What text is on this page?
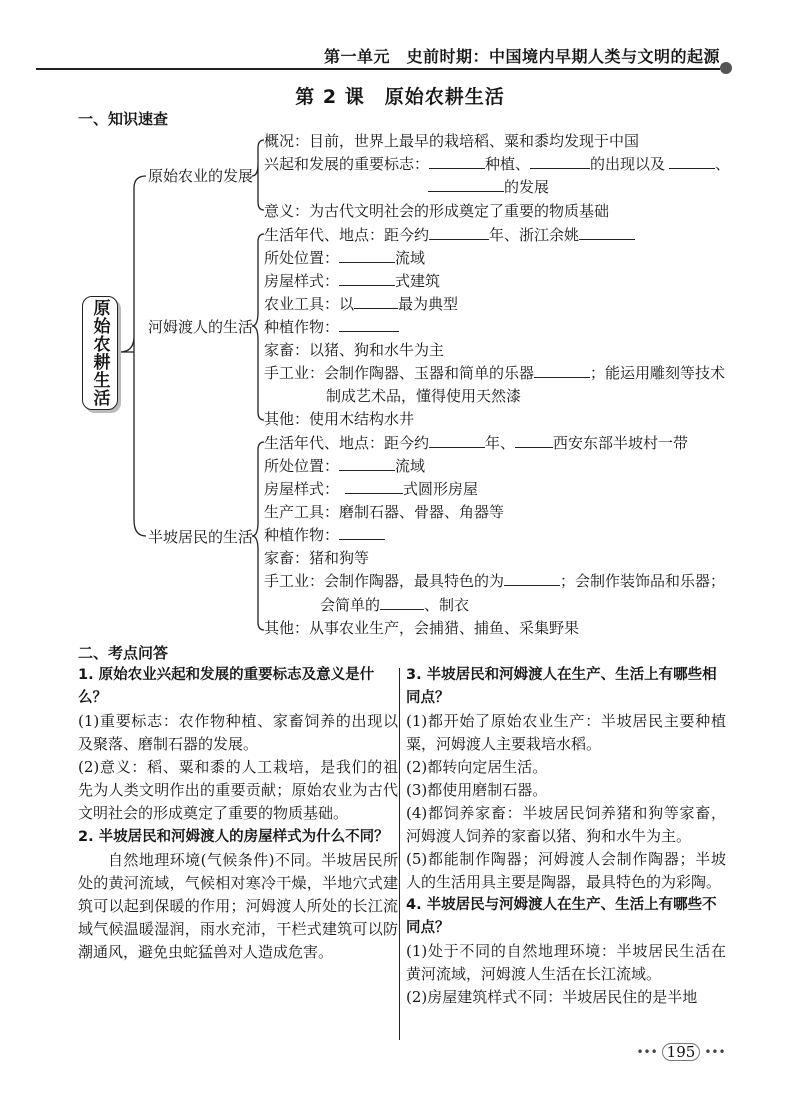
第一单元　史前时期：中国境内早期人类与文明的起源
第 2 课　原始农耕生活
一、知识速查
原始农耕生活
原始农业的发展
河姆渡人的生活
半坡居民的生活
概况：目前，世界上最早的栽培稻、粟和黍均发现于中国
兴起和发展的重要标志：	种植、	的出现以及	、
的发展
意义：为古代文明社会的形成奠定了重要的物质基础
生活年代、地点：距今约	年、浙江余姚
所处位置：	流域
房屋样式：	式建筑
农业工具：以	最为典型
种植作物：
家畜：以猪、狗和水牛为主
手工业：会制作陶器、玉器和简单的乐器	；能运用雕刻等技术
制成艺术品，懂得使用天然漆
其他：使用木结构水井
生活年代、地点：距今约	年、	西安东部半坡村一带
所处位置：	流域
房屋样式：	式圆形房屋
生产工具：磨制石器、骨器、角器等
种植作物：
家畜：猪和狗等
手工业：会制作陶器，最具特色的为	；会制作装饰品和乐器；
会简单的	、制衣
其他：从事农业生产，会捕猎、捕鱼、采集野果
二、考点问答
1. 原始农业兴起和发展的重要标志及意义是什么？

(1)重要标志：农作物种植、家畜饲养的出现以及聚落、磨制石器的发展。

(2)意义：稻、粟和黍的人工栽培，是我们的祖先为人类文明作出的重要贡献；原始农业为古代文明社会的形成奠定了重要的物质基础。

2. 半坡居民和河姆渡人的房屋样式为什么不同？

自然地理环境(气候条件)不同。半坡居民所处的黄河流域，气候相对寒冷干燥，半地穴式建筑可以起到保暖的作用；河姆渡人所处的长江流域气候温暖湿润，雨水充沛，干栏式建筑可以防潮通风，避免虫蛇猛兽对人造成危害。

3. 半坡居民和河姆渡人在生产、生活上有哪些相同点？

(1)都开始了原始农业生产：半坡居民主要种植粟，河姆渡人主要栽培水稻。

(2)都转向定居生活。

(3)都使用磨制石器。

(4)都饲养家畜：半坡居民饲养猪和狗等家畜，河姆渡人饲养的家畜以猪、狗和水牛为主。

(5)都能制作陶器；河姆渡人会制作陶器；半坡人的生活用具主要是陶器，最具特色的为彩陶。

4. 半坡居民与河姆渡人在生产、生活上有哪些不同点？

(1)处于不同的自然地理环境：半坡居民生活在黄河流域，河姆渡人生活在长江流域。

(2)房屋建筑样式不同：半坡居民住的是半地

••• 195 •••
